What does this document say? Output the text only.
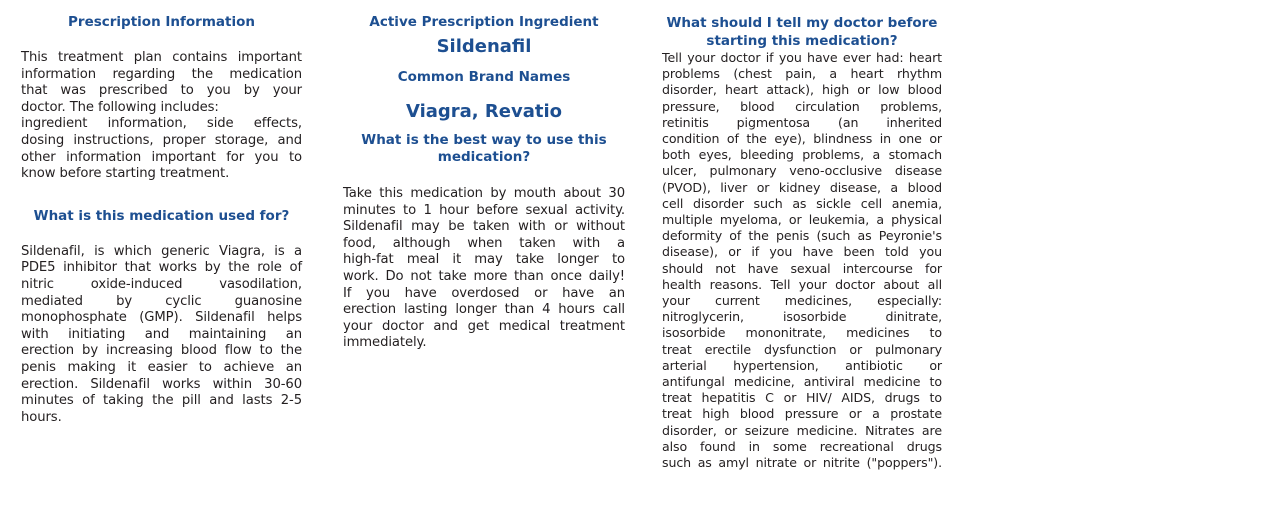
Prescription Information
This treatment plan contains important
information regarding the medication
that was prescribed to you by your
doctor. The following includes:
ingredient information, side effects,
dosing instructions, proper storage, and
other information important for you to
know before starting treatment.
What is this medication used for?
Sildenafil, is which generic Viagra, is a
PDE5 inhibitor that works by the role of
nitric oxide-induced vasodilation,
mediated by cyclic guanosine
monophosphate (GMP). Sildenafil helps
with initiating and maintaining an
erection by increasing blood flow to the
penis making it easier to achieve an
erection. Sildenafil works within 30-60
minutes of taking the pill and lasts 2-5
hours.
Active Prescription Ingredient
Sildenafil
Common Brand Names
Viagra, Revatio
What is the best way to use this
medication?
Take this medication by mouth about 30
minutes to 1 hour before sexual activity.
Sildenafil may be taken with or without
food, although when taken with a
high-fat meal it may take longer to
work. Do not take more than once daily!
If you have overdosed or have an
erection lasting longer than 4 hours call
your doctor and get medical treatment
immediately.
What should I tell my doctor before
starting this medication?
Tell your doctor if you have ever had: heart
problems (chest pain, a heart rhythm
disorder, heart attack), high or low blood
pressure, blood circulation problems,
retinitis pigmentosa (an inherited
condition of the eye), blindness in one or
both eyes, bleeding problems, a stomach
ulcer, pulmonary veno-occlusive disease
(PVOD), liver or kidney disease, a blood
cell disorder such as sickle cell anemia,
multiple myeloma, or leukemia, a physical
deformity of the penis (such as Peyronie's
disease), or if you have been told you
should not have sexual intercourse for
health reasons. Tell your doctor about all
your current medicines, especially:
nitroglycerin, isosorbide dinitrate,
isosorbide mononitrate, medicines to
treat erectile dysfunction or pulmonary
arterial hypertension, antibiotic or
antifungal medicine, antiviral medicine to
treat hepatitis C or HIV/ AIDS, drugs to
treat high blood pressure or a prostate
disorder, or seizure medicine. Nitrates are
also found in some recreational drugs
such as amyl nitrate or nitrite ("poppers").
